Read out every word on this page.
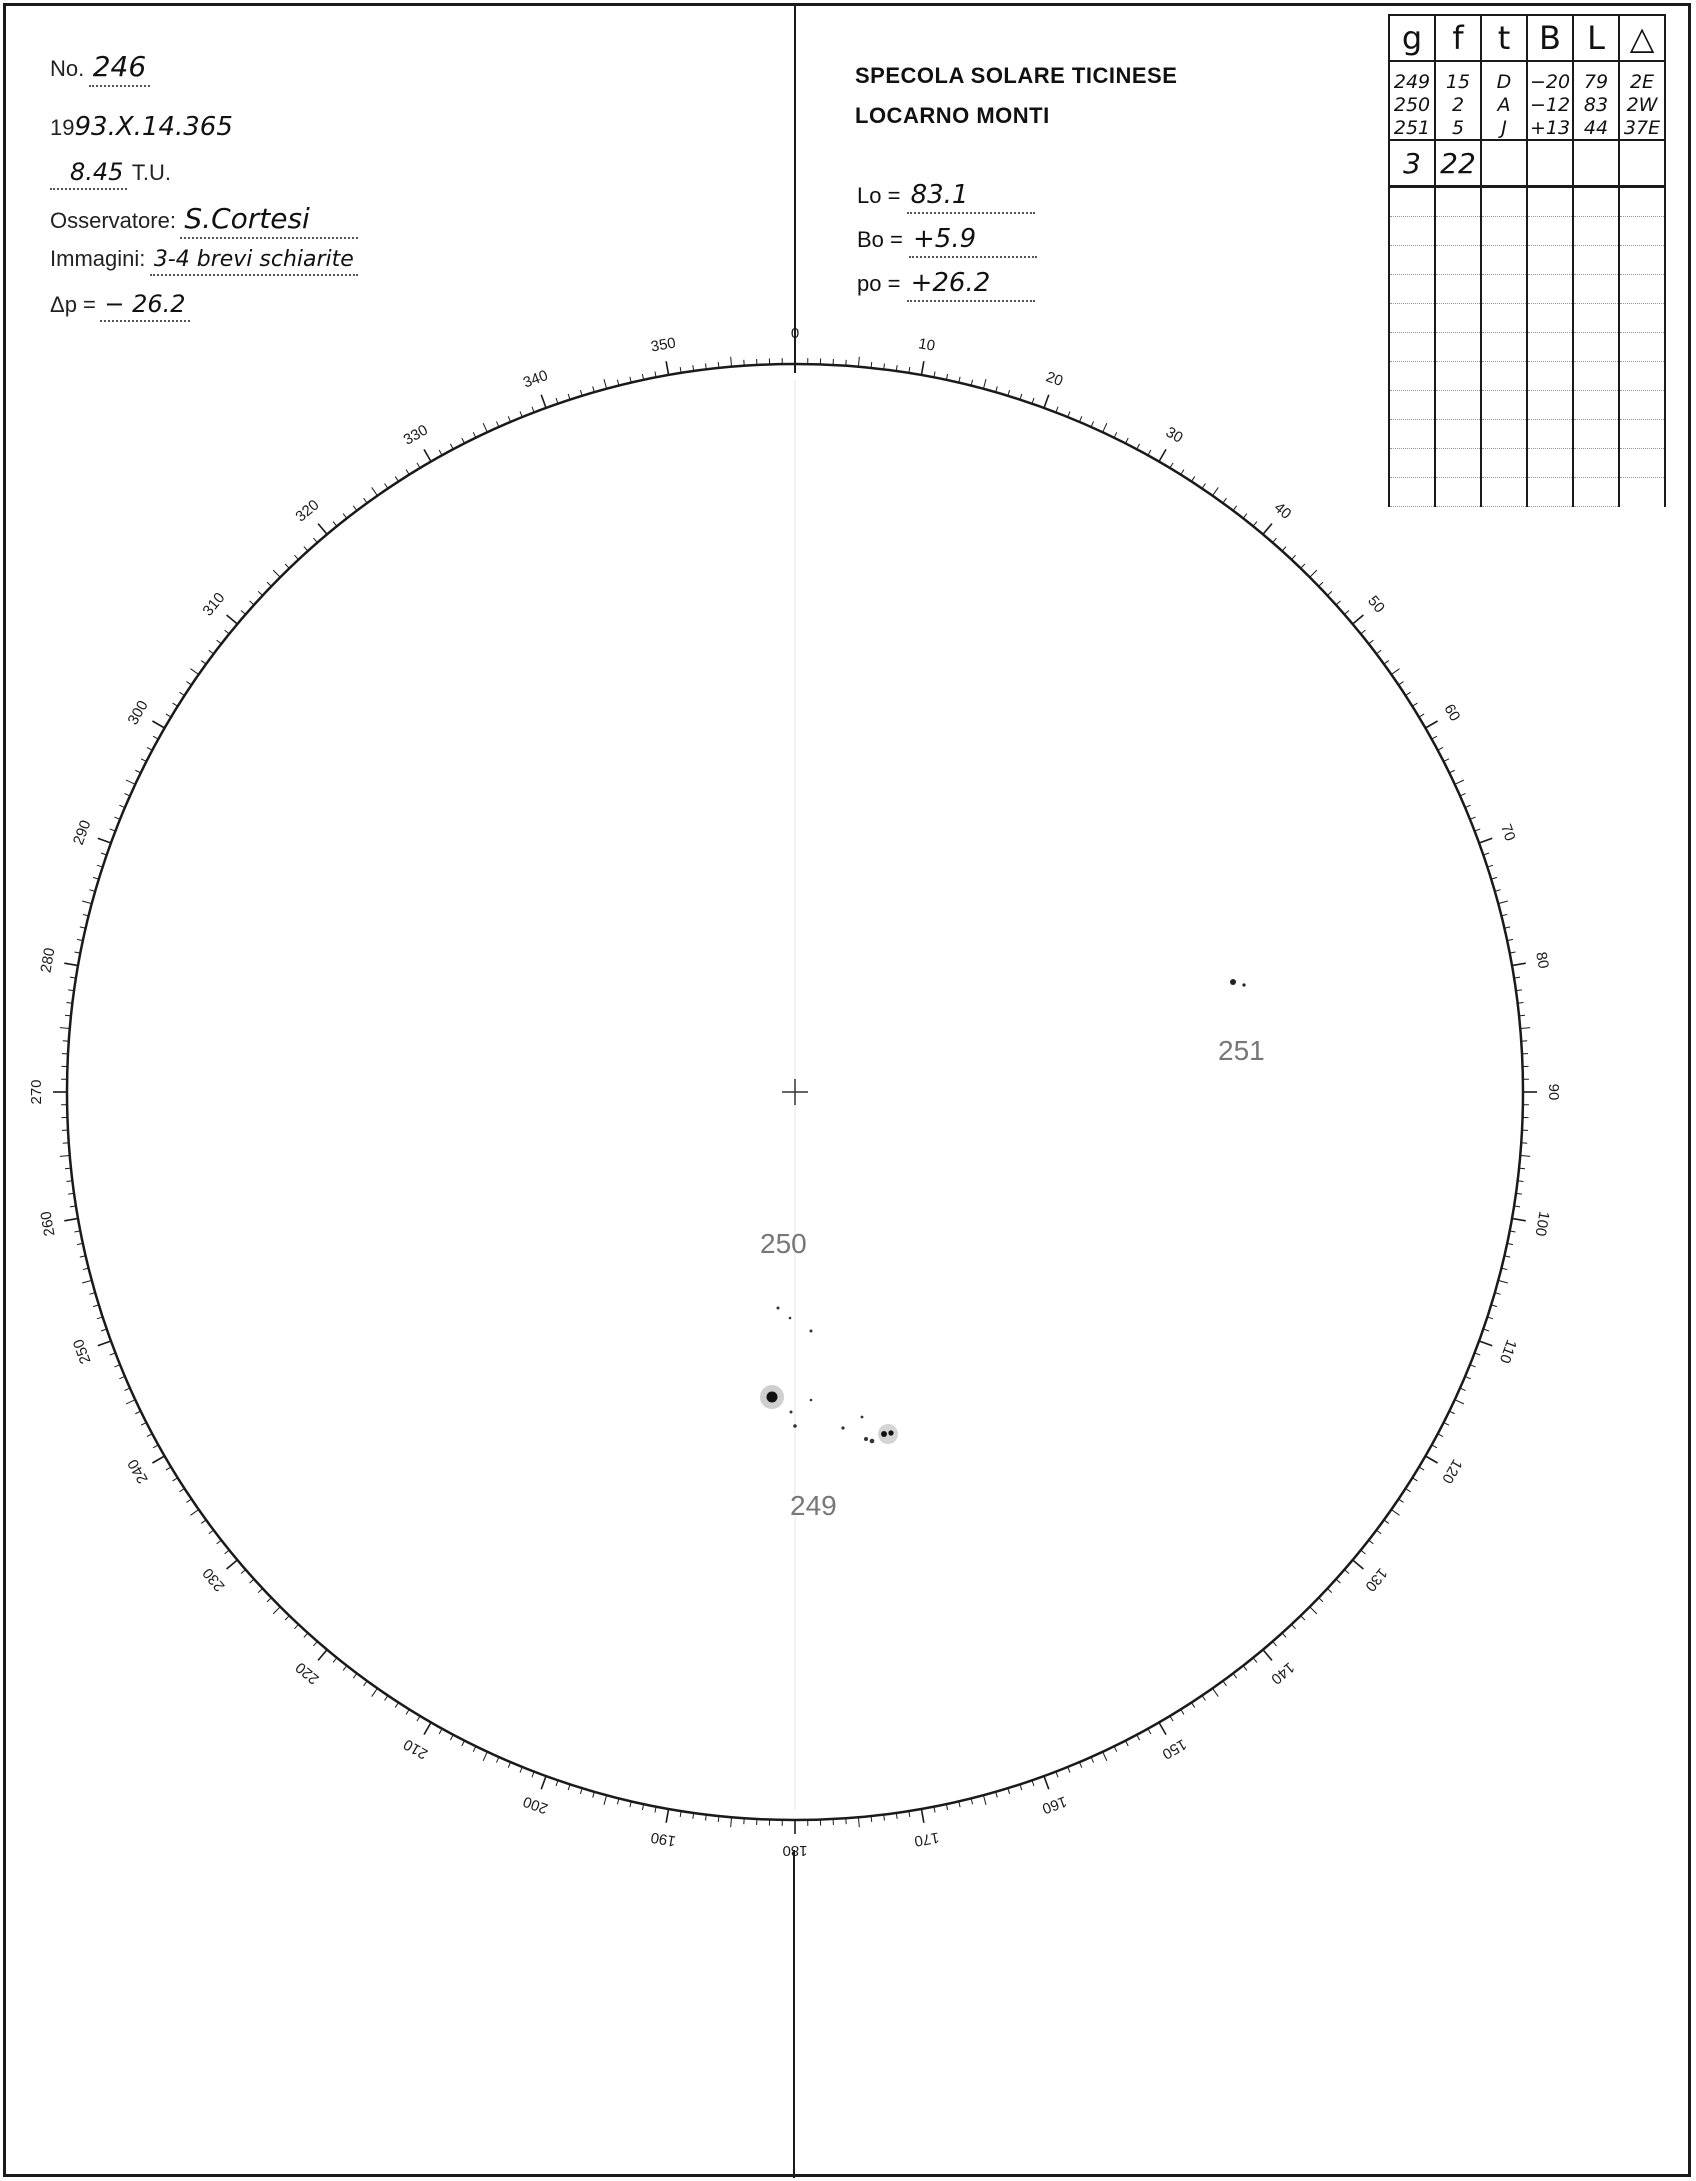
No. 246
1993.X.14.365
8.45 T.U.
Osservatore: S.Cortesi
Immagini: 3-4 brevi schiarite
Δp = − 26.2
SPECOLA SOLARE TICINESE
LOCARNO MONTI
Lo = 83.1
Bo = +5.9
po = +26.2
g	f	t	B	L	△

249	15	D	−20	79	2E
250	2	A	−12	83	2W
251	5	J	+13	44	37E
3	22				

0
10
20
30
40
50
60
70
80
90
100
110
120
130
140
150
160
170
180
190
200
210
220
230
240
250
260
270
280
290
300
310
320
330
340
350
251
250
249
